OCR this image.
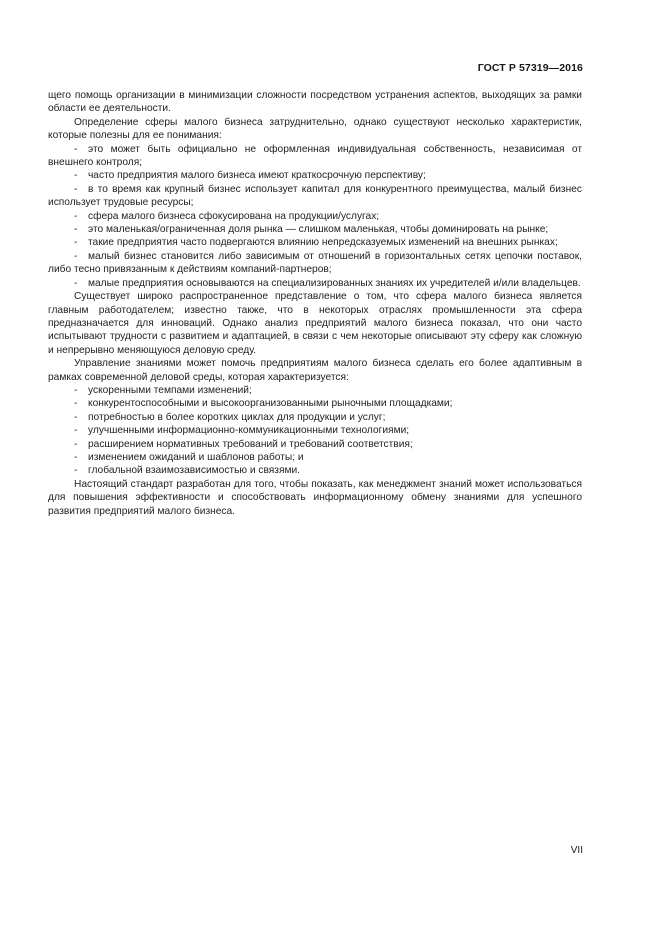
ГОСТ Р 57319—2016

щего помощь организации в минимизации сложности посредством устранения аспектов, выходящих за рамки области ее деятельности.

Определение сферы малого бизнеса затруднительно, однако существуют несколько характеристик, которые полезны для ее понимания:

- это может быть официально не оформленная индивидуальная собственность, независимая от внешнего контроля;

- часто предприятия малого бизнеса имеют краткосрочную перспективу;

- в то время как крупный бизнес использует капитал для конкурентного преимущества, малый бизнес использует трудовые ресурсы;

- сфера малого бизнеса сфокусирована на продукции/услугах;

- это маленькая/ограниченная доля рынка — слишком маленькая, чтобы доминировать на рынке;

- такие предприятия часто подвергаются влиянию непредсказуемых изменений на внешних рынках;

- малый бизнес становится либо зависимым от отношений в горизонтальных сетях цепочки поставок, либо тесно привязанным к действиям компаний-партнеров;

- малые предприятия основываются на специализированных знаниях их учредителей и/или владельцев.

Существует широко распространенное представление о том, что сфера малого бизнеса является главным работодателем; известно также, что в некоторых отраслях промышленности эта сфера предназначается для инноваций. Однако анализ предприятий малого бизнеса показал, что они часто испытывают трудности с развитием и адаптацией, в связи с чем некоторые описывают эту сферу как сложную и непрерывно меняющуюся деловую среду.

Управление знаниями может помочь предприятиям малого бизнеса сделать его более адаптивным в рамках современной деловой среды, которая характеризуется:

- ускоренными темпами изменений;

- конкурентоспособными и высокоорганизованными рыночными площадками;

- потребностью в более коротких циклах для продукции и услуг;

- улучшенными информационно-коммуникационными технологиями;

- расширением нормативных требований и требований соответствия;

- изменением ожиданий и шаблонов работы; и

- глобальной взаимозависимостью и связями.

Настоящий стандарт разработан для того, чтобы показать, как менеджмент знаний может использоваться для повышения эффективности и способствовать информационному обмену знаниями для успешного развития предприятий малого бизнеса.

VII
